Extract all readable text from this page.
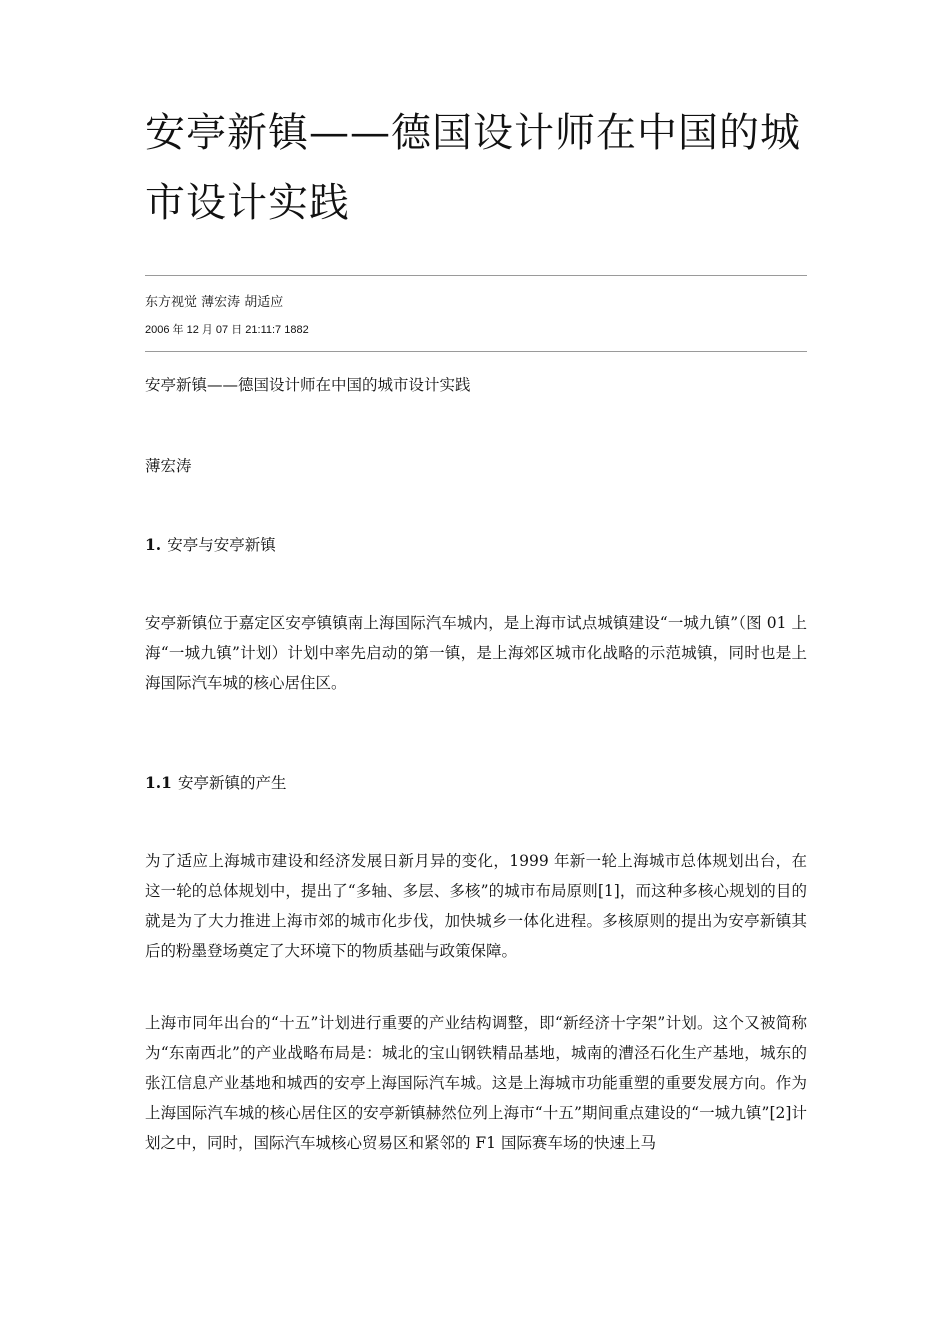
安亭新镇——德国设计师在中国的城市设计实践
东方视觉 薄宏涛 胡适应
2006 年 12 月 07 日 21:11:7 1882
安亭新镇——德国设计师在中国的城市设计实践
薄宏涛
1. 安亭与安亭新镇

安亭新镇位于嘉定区安亭镇镇南上海国际汽车城内，是上海市试点城镇建设“一城九镇”（图 01 上海“一城九镇”计划）计划中率先启动的第一镇，是上海郊区城市化战略的示范城镇，同时也是上海国际汽车城的核心居住区。

1.1 安亭新镇的产生

为了适应上海城市建设和经济发展日新月异的变化，1999 年新一轮上海城市总体规划出台，在这一轮的总体规划中，提出了“多轴、多层、多核”的城市布局原则[1]，而这种多核心规划的目的就是为了大力推进上海市郊的城市化步伐，加快城乡一体化进程。多核原则的提出为安亭新镇其后的粉墨登场奠定了大环境下的物质基础与政策保障。

上海市同年出台的“十五”计划进行重要的产业结构调整，即“新经济十字架”计划。这个又被简称为“东南西北”的产业战略布局是：城北的宝山钢铁精品基地，城南的漕泾石化生产基地，城东的张江信息产业基地和城西的安亭上海国际汽车城。这是上海城市功能重塑的重要发展方向。作为上海国际汽车城的核心居住区的安亭新镇赫然位列上海市“十五”期间重点建设的“一城九镇”[2]计划之中，同时，国际汽车城核心贸易区和紧邻的 F1 国际赛车场的快速上马
